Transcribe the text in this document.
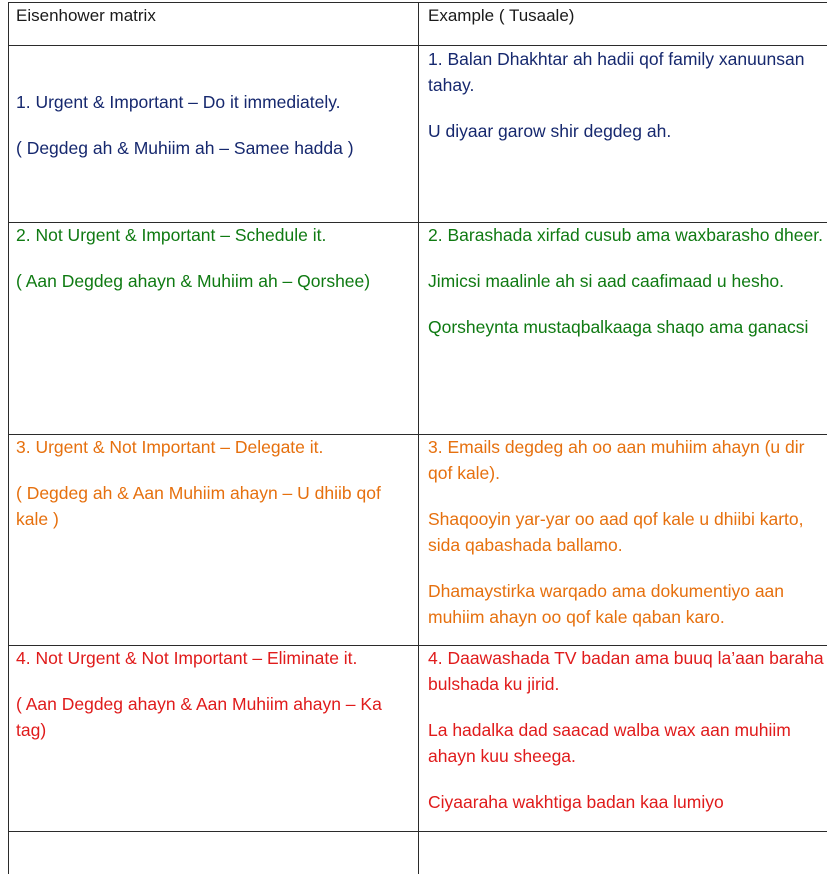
Eisenhower matrix	Example ( Tusaale)

1. Urgent & Important – Do it immediately.

( Degdeg ah & Muhiim ah – Samee hadda )

1. Balan Dhakhtar ah hadii qof family xanuunsan tahay.

U diyaar garow shir degdeg ah.

2. Not Urgent & Important – Schedule it.

( Aan Degdeg ahayn & Muhiim ah – Qorshee)

2. Barashada xirfad cusub ama waxbarasho dheer.

Jimicsi maalinle ah si aad caafimaad u hesho.

Qorsheynta mustaqbalkaaga shaqo ama ganacsi

3. Urgent & Not Important – Delegate it.

( Degdeg ah & Aan Muhiim ahayn – U dhiib qof kale )

3. Emails degdeg ah oo aan muhiim ahayn (u dir qof kale).

Shaqooyin yar-yar oo aad qof kale u dhiibi karto, sida qabashada ballamo.

Dhamaystirka warqado ama dokumentiyo aan muhiim ahayn oo qof kale qaban karo.

4. Not Urgent & Not Important – Eliminate it.

( Aan Degdeg ahayn & Aan Muhiim ahayn – Ka tag)

4. Daawashada TV badan ama buuq la’aan baraha bulshada ku jirid.

La hadalka dad saacad walba wax aan muhiim ahayn kuu sheega.

Ciyaaraha wakhtiga badan kaa lumiyo
